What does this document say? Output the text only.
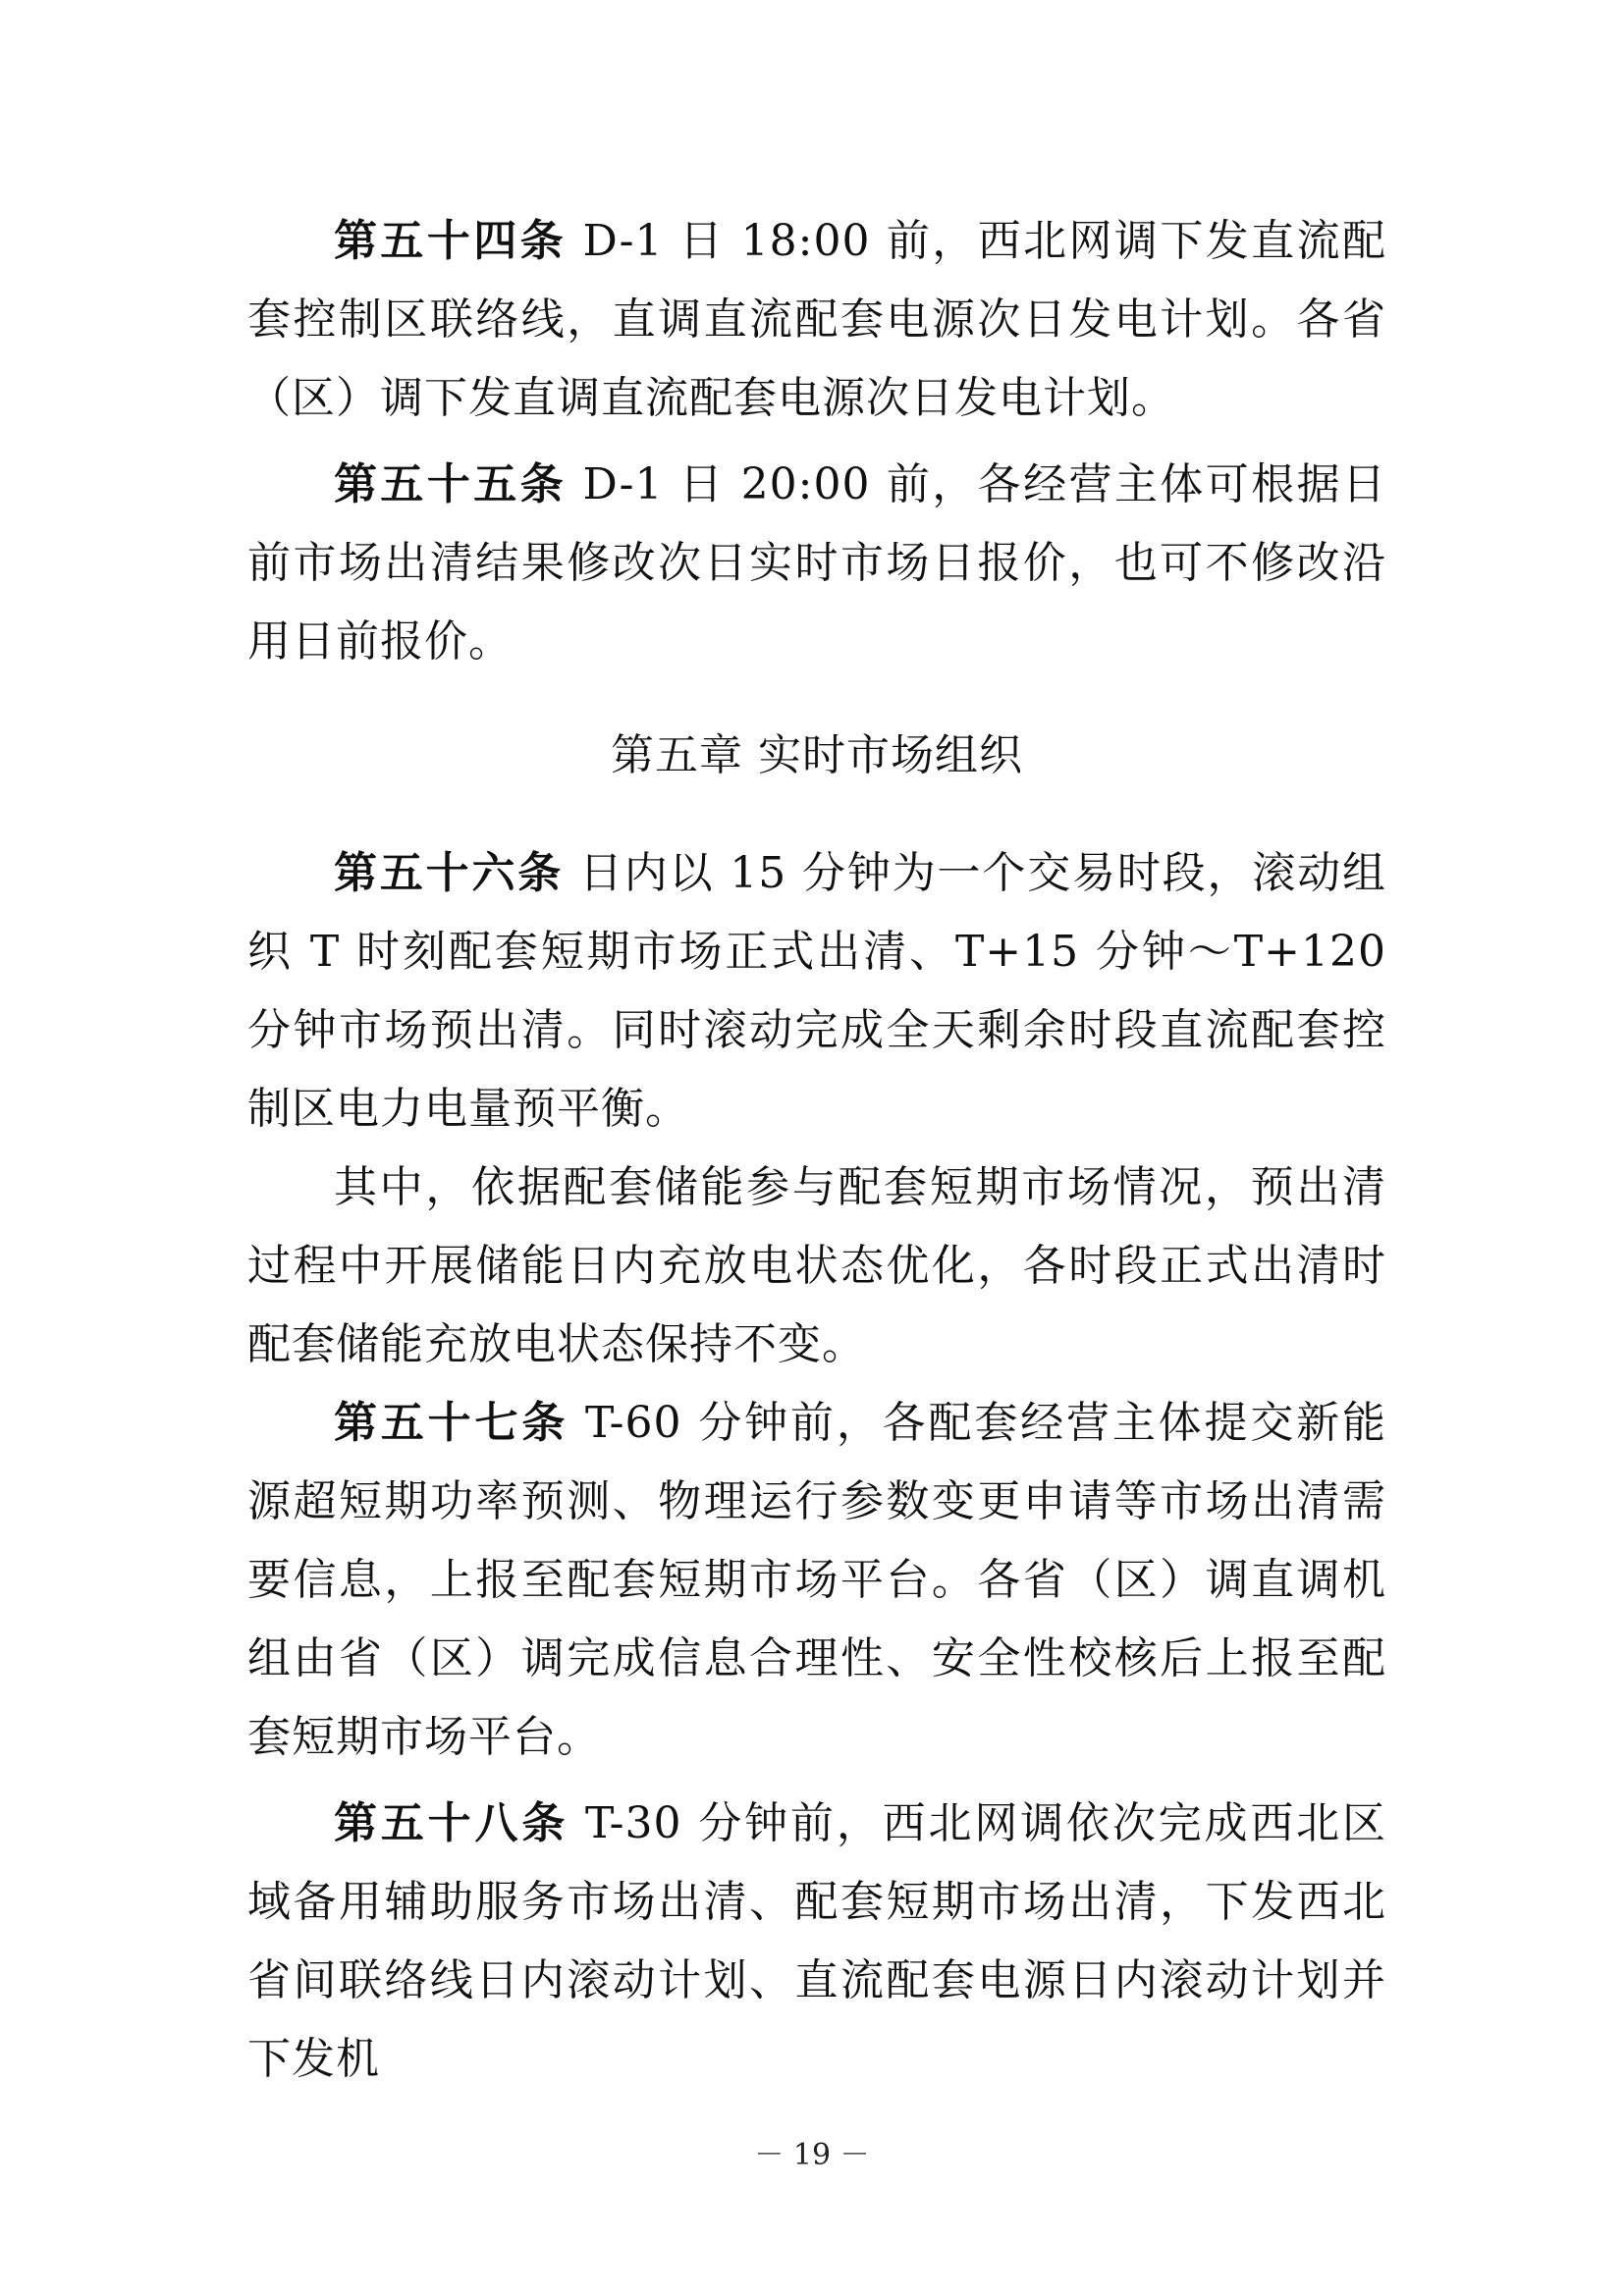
第五十四条 D-1 日 18:00 前，西北网调下发直流配套控制区联络线，直调直流配套电源次日发电计划。各省（区）调下发直调直流配套电源次日发电计划。

第五十五条 D-1 日 20:00 前，各经营主体可根据日前市场出清结果修改次日实时市场日报价，也可不修改沿用日前报价。

第五章 实时市场组织

第五十六条 日内以 15 分钟为一个交易时段，滚动组织 T 时刻配套短期市场正式出清、T+15 分钟～T+120 分钟市场预出清。同时滚动完成全天剩余时段直流配套控制区电力电量预平衡。

其中，依据配套储能参与配套短期市场情况，预出清过程中开展储能日内充放电状态优化，各时段正式出清时配套储能充放电状态保持不变。

第五十七条 T-60 分钟前，各配套经营主体提交新能源超短期功率预测、物理运行参数变更申请等市场出清需要信息，上报至配套短期市场平台。各省（区）调直调机组由省（区）调完成信息合理性、安全性校核后上报至配套短期市场平台。

第五十八条 T-30 分钟前，西北网调依次完成西北区域备用辅助服务市场出清、配套短期市场出清，下发西北省间联络线日内滚动计划、直流配套电源日内滚动计划并下发机

－ 19 －
